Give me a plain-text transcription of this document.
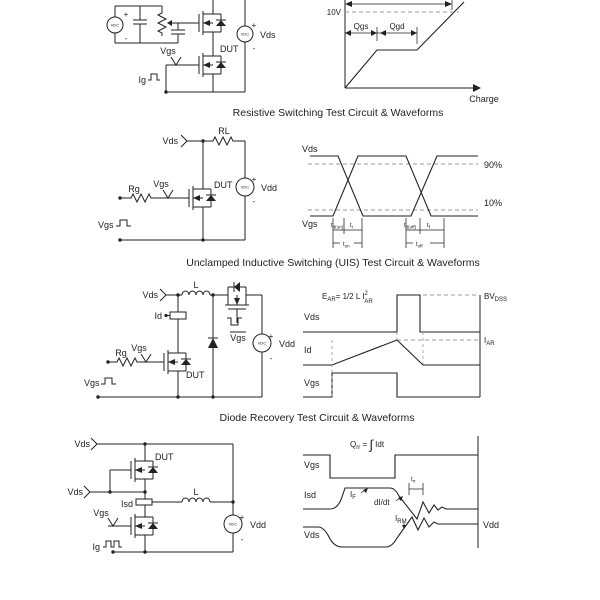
VDC
+
-
DUT
Vgs
Ig
VDC
+
Vds
-
Charge
10V
Qgs	Qgd
Resistive Switching Test Circuit & Waveforms
Vds
RL
DUT VDC
+
Vdd
-
Vgs
Rg
Vgs
Vds
Vgs
90%
10%
$t_{d(on)}$ $t_r$
$t_{on}$
$t_{d(off)}$ $t_f$
$t_{off}$
Unclamped Inductive Switching (UIS) Test Circuit & Waveforms
Vds
L
Vgs
Id
DUT
Vgs
Rg
VDC
+
Vdd
-
Vgs
$E_{AR}= 1/2$ L $I^2$ AR
Vds
$BV_{DSS}$
$I_{AR}$
Id
Vgs
Diode Recovery Test Circuit & Waveforms
Vds
Vds
DUT
Isd
L
Vgs
Ig
VDC
+
Vdd
-
$Q_{rr}$ = ∫ Idt
Vgs
Isd	$I_F$ dI/dt
$t_{rr}$
$I_{RM}$
Vds
Vdd
